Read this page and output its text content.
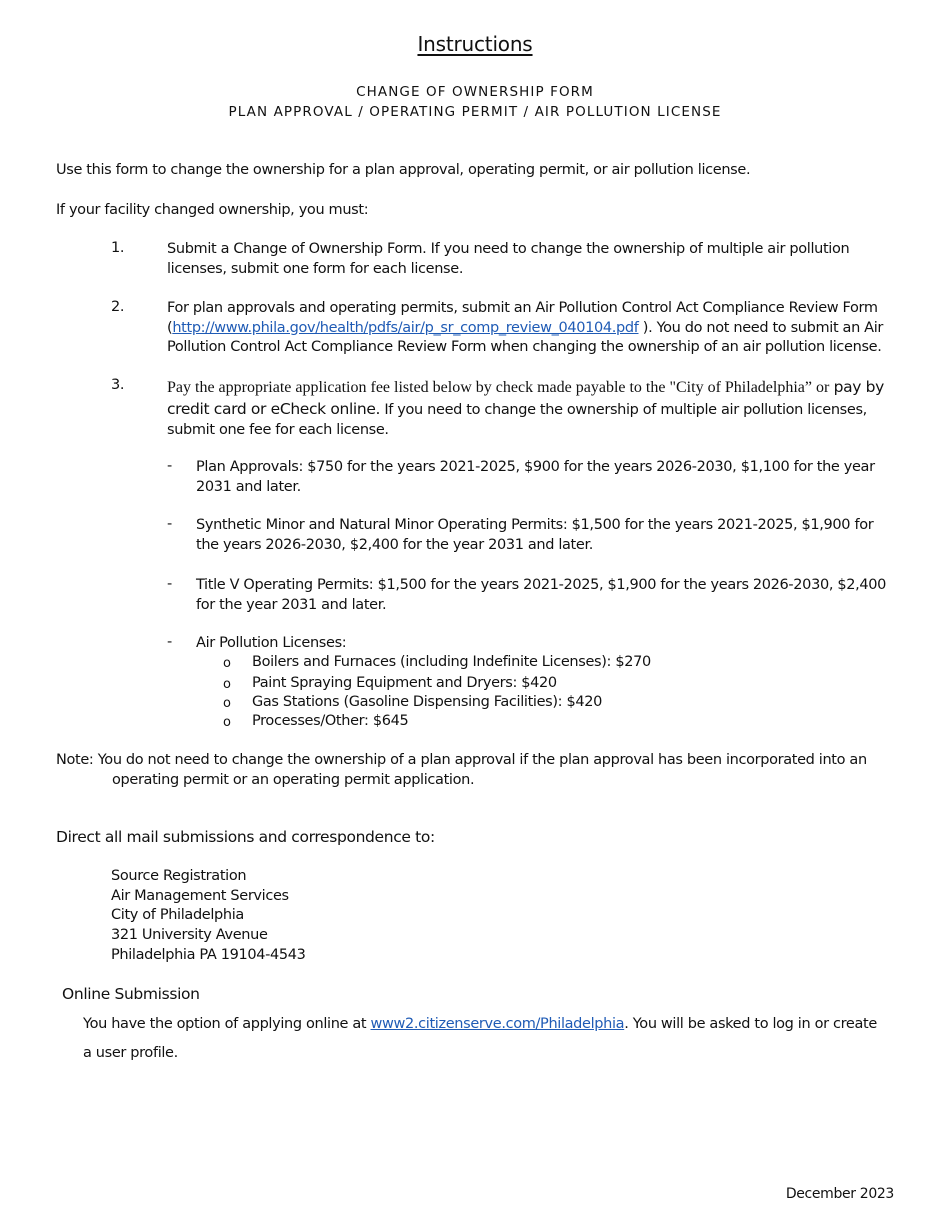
Instructions
CHANGE OF OWNERSHIP FORM
PLAN APPROVAL / OPERATING PERMIT / AIR POLLUTION LICENSE
Use this form to change the ownership for a plan approval, operating permit, or air pollution license.
If your facility changed ownership, you must:
1.	Submit a Change of Ownership Form. If you need to change the ownership of multiple air pollution licenses, submit one form for each license.
2.	For plan approvals and operating permits, submit an Air Pollution Control Act Compliance Review Form (http://www.phila.gov/health/pdfs/air/p_sr_comp_review_040104.pdf ). You do not need to submit an Air Pollution Control Act Compliance Review Form when changing the ownership of an air pollution license.
3.	Pay the appropriate application fee listed below by check made payable to the "City of Philadelphia” or pay by credit card or eCheck online. If you need to change the ownership of multiple air pollution licenses, submit one fee for each license.
- Plan Approvals: $750 for the years 2021-2025, $900 for the years 2026-2030, $1,100 for the year 2031 and later.
- Synthetic Minor and Natural Minor Operating Permits: $1,500 for the years 2021-2025, $1,900 for the years 2026-2030, $2,400 for the year 2031 and later.
- Title V Operating Permits: $1,500 for the years 2021-2025, $1,900 for the years 2026-2030, $2,400 for the year 2031 and later.
- Air Pollution Licenses:
o Boilers and Furnaces (including Indefinite Licenses): $270
o Paint Spraying Equipment and Dryers: $420
o Gas Stations (Gasoline Dispensing Facilities): $420
o Processes/Other: $645
Note: You do not need to change the ownership of a plan approval if the plan approval has been incorporated into an
operating permit or an operating permit application.
Direct all mail submissions and correspondence to:
Source Registration
Air Management Services
City of Philadelphia
321 University Avenue
Philadelphia PA 19104-4543
Online Submission
You have the option of applying online at www2.citizenserve.com/Philadelphia. You will be asked to log in or create
a user profile.
December 2023
